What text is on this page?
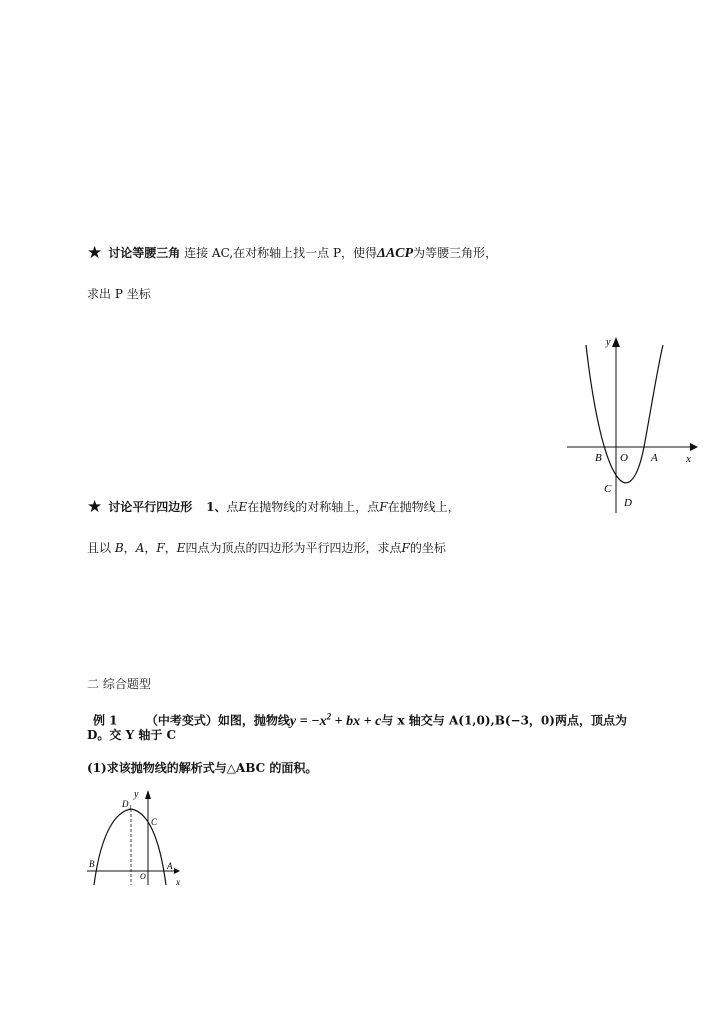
★ 讨论等腰三角 连接 AC,在对称轴上找一点 P，使得ΔACP为等腰三角形，
求出 P 坐标
y
x
B O A
C
D
★ 讨论平行四边形 1、点E在抛物线的对称轴上，点F在抛物线上，
且以 B，A，F，E四点为顶点的四边形为平行四边形，求点F的坐标
二 综合题型
例 1 （中考变式）如图，抛物线$y = -x^2$ + bx + c与 x 轴交与 A(1,0),B(−3，0)两点，顶点为
D。交 Y 轴于 C
(1)求该抛物线的解析式与△ABC 的面积。
y
D 1
C
B	A
O
x
